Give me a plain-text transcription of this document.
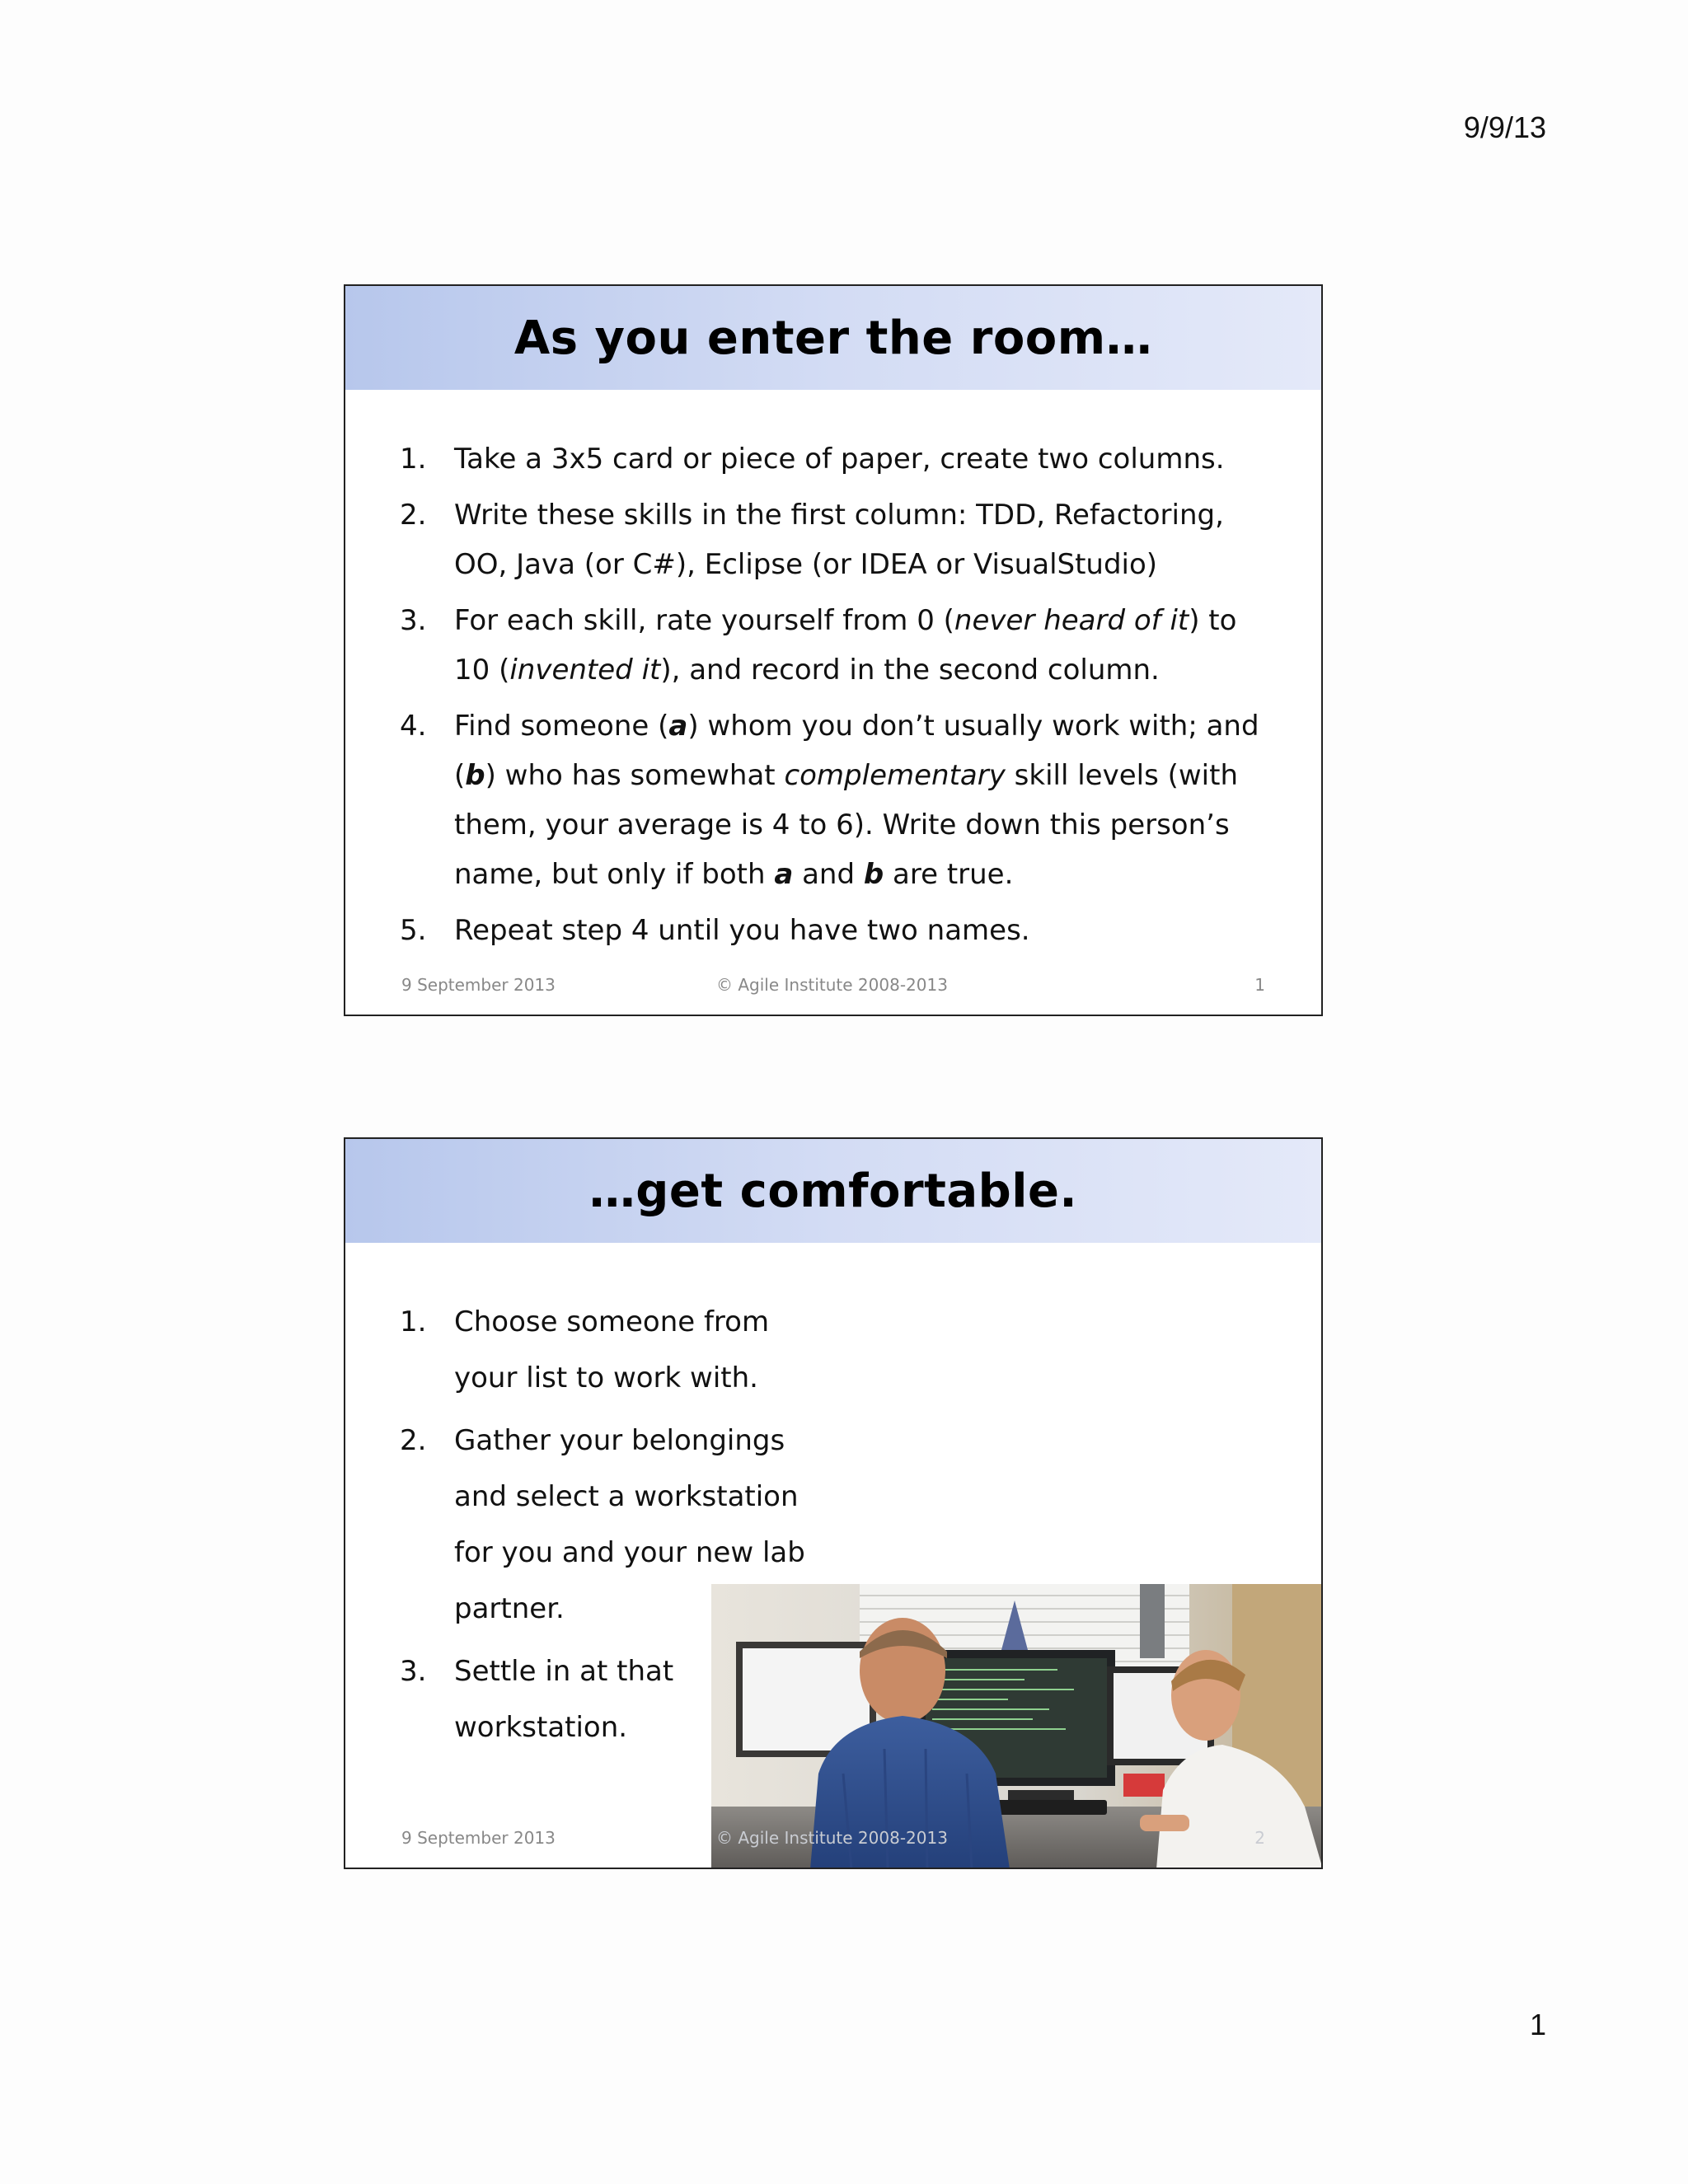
9/9/13
As you enter the room…
1. Take a 3x5 card or piece of paper, create two columns.
2. Write these skills in the first column: TDD, Refactoring, OO, Java (or C#), Eclipse (or IDEA or VisualStudio)
3. For each skill, rate yourself from 0 (never heard of it) to 10 (invented it), and record in the second column.
4. Find someone (a) whom you don’t usually work with; and (b) who has somewhat complementary skill levels (with them, your average is 4 to 6). Write down this person’s name, but only if both a and b are true.
5. Repeat step 4 until you have two names.
9 September 2013	© Agile Institute 2008-2013	1
…get comfortable.
1. Choose someone from your list to work with.
2. Gather your belongings and select a workstation for you and your new lab partner.
3. Settle in at that workstation.
9 September 2013	© Agile Institute 2008-2013	2
1
